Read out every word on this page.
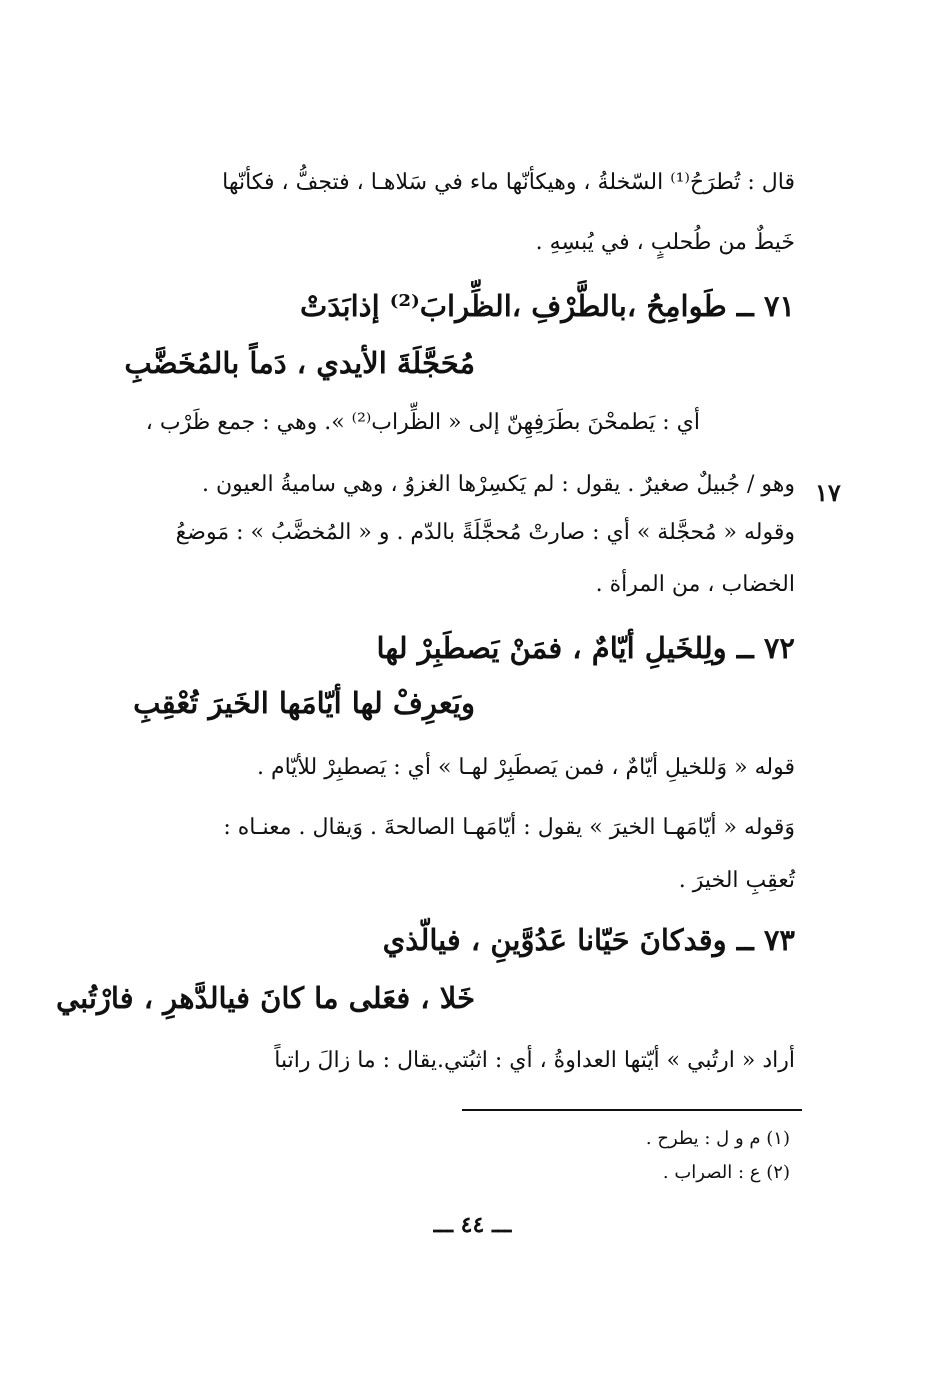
قال : تُطرَحُ⁽¹⁾ السّخلةُ ، وهيكأنّها ماء في سَلاهـا ، فتجفُّ ، فكأنّها
خَيطٌ من طُحلبٍ ، في يُبسِهِ .
٧١ ــ طَوامِحُ ،بالطَّرْفِ ،الظِّرابَ⁽²⁾ إذابَدَتْ
مُحَجَّلَةَ الأيدي ، دَماً بالمُخَضَّبِ
أي : يَطمحْنَ بطَرَفِهِنّ إلى « الظِّراب⁽²⁾ ». وهي : جمع ظَرْب ،
١٧
وهو / جُبيلٌ صغيرٌ . يقول : لم يَكسِرْها الغزوُ ، وهي ساميةُ العيون .
وقوله « مُحجَّلة » أي : صارتْ مُحجَّلَةً بالدّم . و « المُخضَّبُ » : مَوضعُ
الخضاب ، من المرأة .
٧٢ ــ ولِلخَيلِ أيّامٌ ، فمَنْ يَصطَبِرْ لها
ويَعرِفْ لها أيّامَها الخَيرَ تُعْقِبِ
قوله « وَللخيلِ أيّامٌ ، فمن يَصطَبِرْ لهـا » أي : يَصطبِرْ للأيّام .
وَقوله « أيّامَهـا الخيرَ » يقول : أيّامَهـا الصالحةَ . وَيقال . معنـاه :
تُعقِبِ الخيرَ .
٧٣ ــ وقدكانَ حَيّانا عَدُوَّينِ ، فيالّذي
خَلا ، فعَلى ما كانَ فيالدَّهرِ ، فارْتُبي
أراد « ارتُبي » أيّتها العداوةُ ، أي : اثبُتي.يقال : ما زالَ راتباً
(١) م و ل : يطرح .
(٢) ع : الصراب .
ـــ ٤٤ ـــ
